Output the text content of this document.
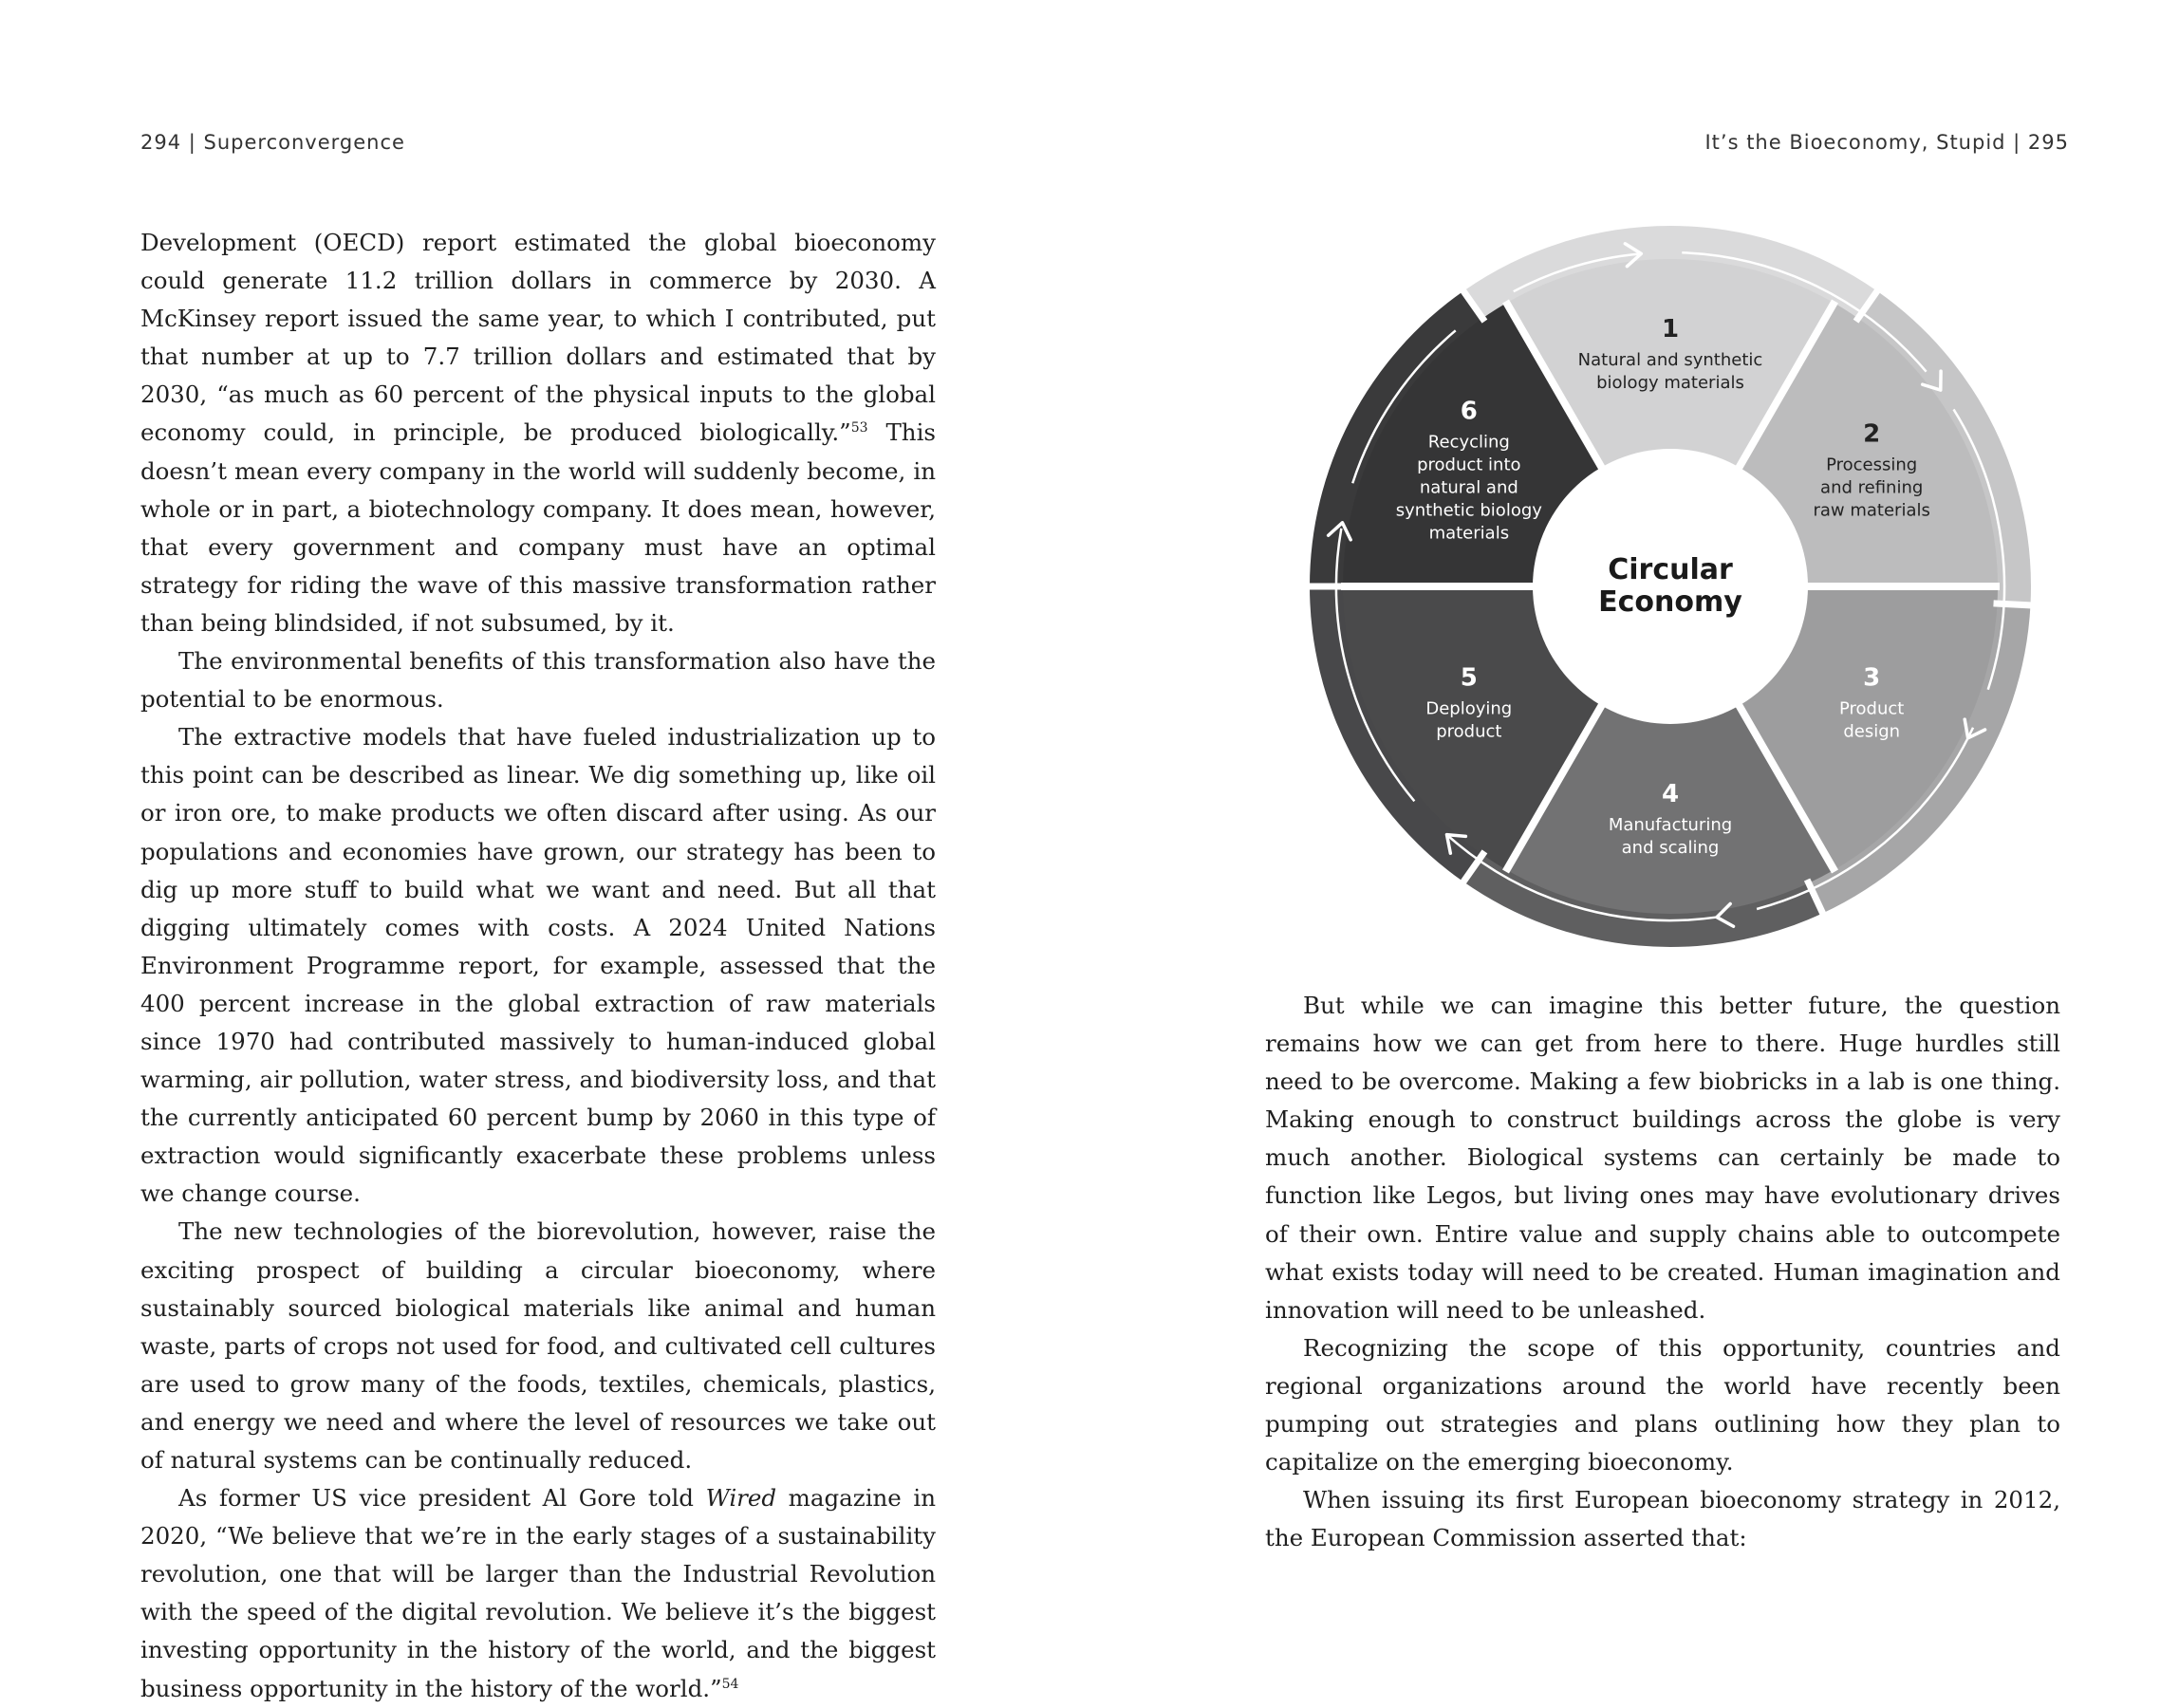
294 | Superconvergence	It’s the Bioeconomy, Stupid | 295

Development (OECD) report estimated the global bioeconomy could generate 11.2 trillion dollars in commerce by 2030. A McKinsey report issued the same year, to which I contributed, put that number at up to 7.7 trillion dollars and estimated that by 2030, “as much as 60 percent of the physical inputs to the global economy could, in principle, be produced biologically.”$^{53}$ This doesn’t mean every company in the world will suddenly become, in whole or in part, a biotechnology company. It does mean, however, that every government and company must have an optimal strategy for riding the wave of this massive transformation rather than being blindsided, if not subsumed, by it.

The environmental benefits of this transformation also have the potential to be enormous.

The extractive models that have fueled industrialization up to this point can be described as linear. We dig something up, like oil or iron ore, to make products we often discard after using. As our populations and economies have grown, our strategy has been to dig up more stuff to build what we want and need. But all that digging ultimately comes with costs. A 2024 United Nations Environment Programme report, for example, assessed that the 400 percent increase in the global extraction of raw materials since 1970 had contributed massively to human-induced global warming, air pollution, water stress, and biodiversity loss, and that the currently anticipated 60 percent bump by 2060 in this type of extraction would significantly exacerbate these problems unless we change course.

The new technologies of the biorevolution, however, raise the exciting prospect of building a circular bioeconomy, where sustainably sourced biological materials like animal and human waste, parts of crops not used for food, and cultivated cell cultures are used to grow many of the foods, textiles, chemicals, plastics, and energy we need and where the level of resources we take out of natural systems can be continually reduced.

As former US vice president Al Gore told Wired magazine in 2020, “We believe that we’re in the early stages of a sustainability revolution, one that will be larger than the Industrial Revolution with the speed of the digital revolution. We believe it’s the biggest investing opportunity in the history of the world, and the biggest business opportunity in the history of the world.”$^{54}$

1
Natural and synthetic
biology materials
2
Processing
and refining
raw materials
3
Product
design
4
Manufacturing
and scaling
5
Deploying
product
6
Recycling
product into
natural and
synthetic biology
materials
Circular
Economy

But while we can imagine this better future, the question remains how we can get from here to there. Huge hurdles still need to be overcome. Making a few biobricks in a lab is one thing. Making enough to construct buildings across the globe is very much another. Biological systems can certainly be made to function like Legos, but living ones may have evolutionary drives of their own. Entire value and supply chains able to outcompete what exists today will need to be created. Human imagination and innovation will need to be unleashed.

Recognizing the scope of this opportunity, countries and regional organizations around the world have recently been pumping out strategies and plans outlining how they plan to capitalize on the emerging bioeconomy.

When issuing its first European bioeconomy strategy in 2012, the European Commission asserted that:
